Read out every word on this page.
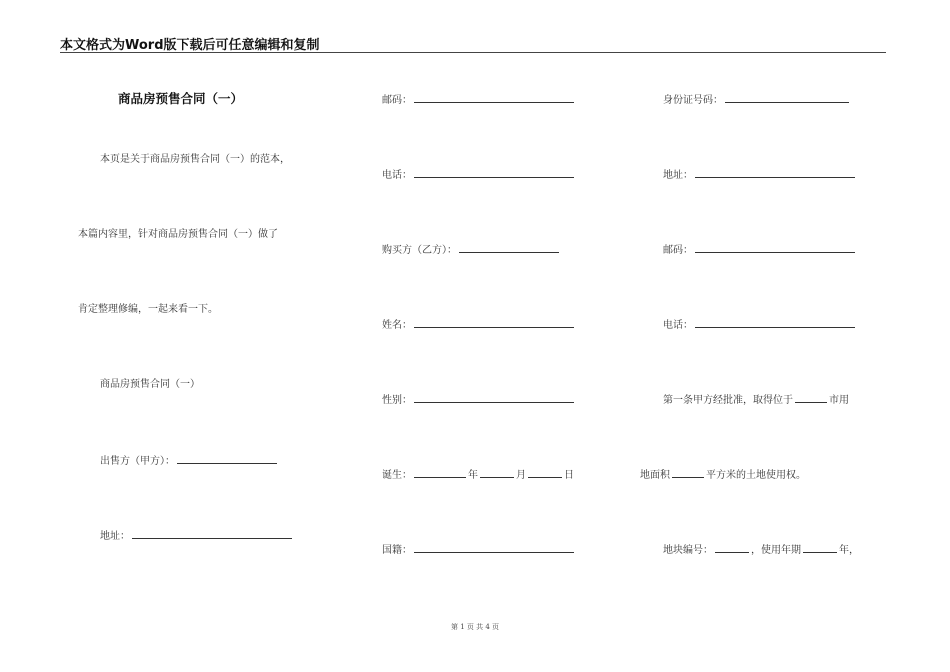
本文格式为Word版下载后可任意编辑和复制
商品房预售合同（一）
本页是关于商品房预售合同（一）的范本，
本篇内容里，针对商品房预售合同（一）做了
肯定整理修编，一起来看一下。
商品房预售合同（一）
出售方（甲方）：
地址：
邮码：
电话：
购买方（乙方）：
姓名：
性别：
诞生：	年	月	日
国籍：
身份证号码：
地址：
邮码：
电话：
第一条甲方经批准，取得位于	市用
地面积	平方米的土地使用权。
地块编号：	，使用年期	年，
第 1 页 共 4 页
